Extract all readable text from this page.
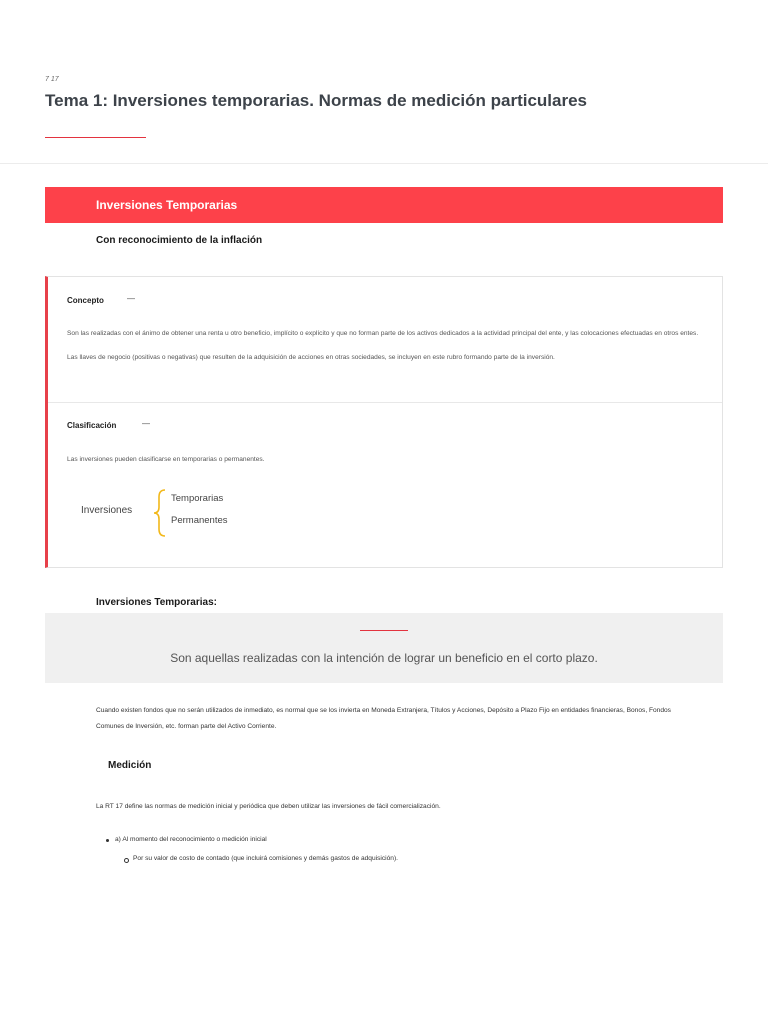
7 17
Tema 1: Inversiones temporarias. Normas de medición particulares
Inversiones Temporarias
Con reconocimiento de la inflación
Concepto	—

Son las realizadas con el ánimo de obtener una renta u otro beneficio, implícito o explícito y que no forman parte de los activos dedicados a la actividad principal del ente, y las colocaciones efectuadas en otros entes.

Las llaves de negocio (positivas o negativas) que resulten de la adquisición de acciones en otras sociedades, se incluyen en este rubro formando parte de la inversión.

Clasificación	—

Las inversiones pueden clasificarse en temporarias o permanentes.

Inversiones
Temporarias
Permanentes
Inversiones Temporarias:
Son aquellas realizadas con la intención de lograr un beneficio en el corto plazo.

Cuando existen fondos que no serán utilizados de inmediato, es normal que se los invierta en Moneda Extranjera, Títulos y Acciones, Depósito a Plazo Fijo en entidades financieras, Bonos, Fondos Comunes de Inversión, etc. forman parte del Activo Corriente.

Medición

La RT 17 define las normas de medición inicial y periódica que deben utilizar las inversiones de fácil comercialización.

a) Al momento del reconocimiento o medición inicial
Por su valor de costo de contado (que incluirá comisiones y demás gastos de adquisición).
